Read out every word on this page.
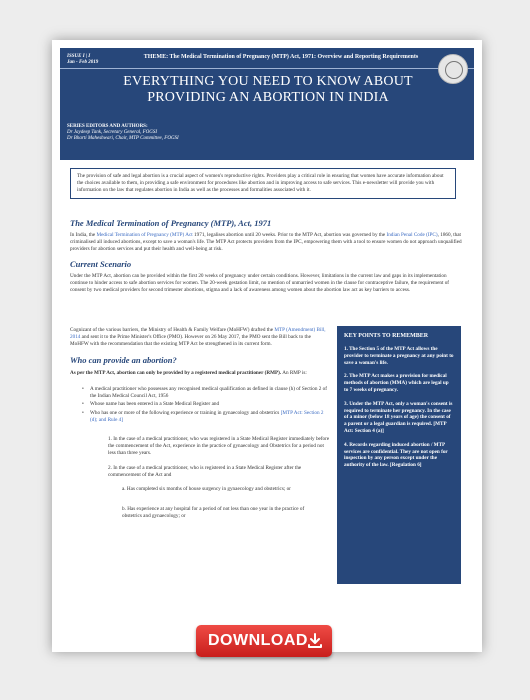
ISSUE I | I
Jan - Feb 2019
THEME: The Medical Termination of Pregnancy (MTP) Act, 1971: Overview and Reporting Requirements
EVERYTHING YOU NEED TO KNOW ABOUT
PROVIDING AN ABORTION IN INDIA
SERIES EDITORS AND AUTHORS:
Dr Jaydeep Tank, Secretary General, FOGSI
Dr Bharti Maheshwari, Chair, MTP Committee, FOGSI
The provision of safe and legal abortion is a crucial aspect of women's reproductive rights. Providers play a critical role in ensuring that women have accurate information about the choices available to them, in providing a safe environment for procedures like abortion and in improving access to safe services. This e-newsletter will provide you with information on the law that regulates abortion in India as well as the processes and formalities associated with it.
The Medical Termination of Pregnancy (MTP), Act, 1971
In India, the Medical Termination of Pregnancy (MTP) Act 1971, legalises abortion until 20 weeks. Prior to the MTP Act, abortion was governed by the Indian Penal Code (IPC), 1860, that criminalised all induced abortions, except to save a woman's life. The MTP Act protects providers from the IPC, empowering them with a tool to ensure women do not approach unqualified providers for abortion services and put their health and well-being at risk.
Current Scenario
Under the MTP Act, abortion can be provided within the first 20 weeks of pregnancy under certain conditions. However, limitations in the current law and gaps in its implementation continue to hinder access to safe abortion services for women. The 20-week gestation limit, no mention of unmarried women in the clause for contraceptive failure, the requirement of consent by two medical providers for second trimester abortions, stigma and a lack of awareness among women about the abortion law act as key barriers to access.
Cognizant of the various barriers, the Ministry of Health & Family Welfare (MoHFW) drafted the MTP (Amendment) Bill, 2014 and sent it to the Prime Minister's Office (PMO). However on 26 May 2017, the PMO sent the Bill back to the MoHFW with the recommendation that the existing MTP Act be strengthened in its current form.
Who can provide an abortion?
As per the MTP Act, abortion can only be provided by a registered medical practitioner (RMP). An RMP is:
• A medical practitioner who possesses any recognised medical qualification as defined in clause (h) of Section 2 of the Indian Medical Council Act, 1956
• Whose name has been entered in a State Medical Register and
• Who has one or more of the following experience or training in gynaecology and obstetrics [MTP Act: Section 2 (d); and Rule 4]
1. In the case of a medical practitioner, who was registered in a State Medical Register immediately before the commencement of the Act, experience in the practice of gynaecology and Obstetrics for a period not less than three years.
2. In the case of a medical practitioner, who is registered in a State Medical Register after the commencement of the Act and
a. Has completed six months of house surgency in gynaecology and obstetrics; or
b. Has experience at any hospital for a period of not less than one year in the practice of obstetrics and gynaecology; or
KEY POINTS TO REMEMBER
1. The Section 5 of the MTP Act allows the provider to terminate a pregnancy at any point to save a woman's life.
2. The MTP Act makes a provision for medical methods of abortion (MMA) which are legal up to 7 weeks of pregnancy.
3. Under the MTP Act, only a woman's consent is required to terminate her pregnancy. In the case of a minor (below 18 years of age) the consent of a parent or a legal guardian is required. [MTP Act: Section 4 (a)]
4. Records regarding induced abortion / MTP services are confidential. They are not open for inspection by any person except under the authority of the law. [Regulation 6]
DOWNLOAD
